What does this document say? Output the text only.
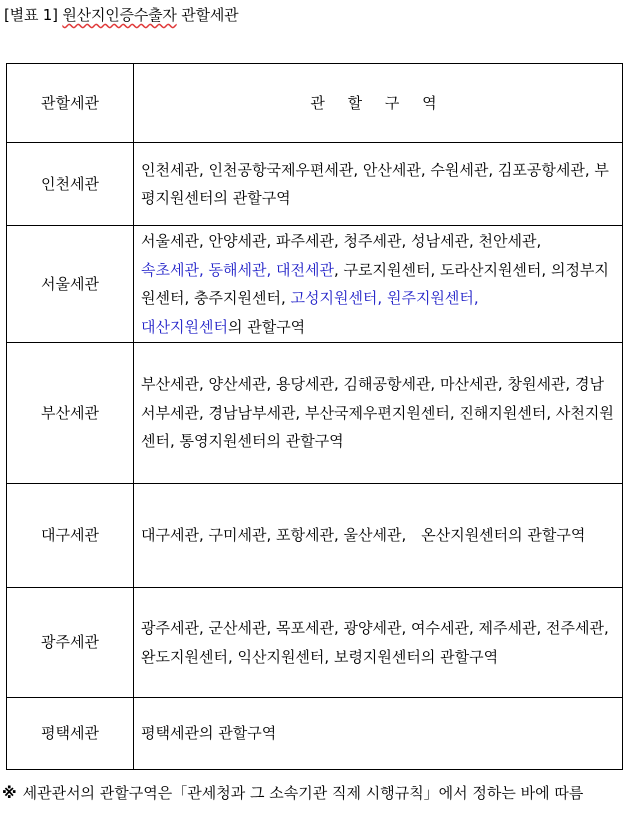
[별표 1] 원산지인증수출자 관할세관
관할세관	관 할 구 역
인천세관	인천세관, 인천공항국제우편세관, 안산세관, 수원세관, 김포공항세관, 부평지원센터의 관할구역
서울세관	서울세관, 안양세관, 파주세관, 청주세관, 성남세관, 천안세관,
속초세관, 동해세관, 대전세관, 구로지원센터, 도라산지원센터, 의정부지원센터, 충주지원센터, 고성지원센터, 원주지원센터,
대산지원센터의 관할구역
부산세관	부산세관, 양산세관, 용당세관, 김해공항세관, 마산세관, 창원세관, 경남서부세관, 경남남부세관, 부산국제우편지원센터, 진해지원센터, 사천지원센터, 통영지원센터의 관할구역
대구세관	대구세관, 구미세관, 포항세관, 울산세관,　온산지원센터의 관할구역
광주세관	광주세관, 군산세관, 목포세관, 광양세관, 여수세관, 제주세관, 전주세관, 완도지원센터, 익산지원센터, 보령지원센터의 관할구역
평택세관	평택세관의 관할구역
※ 세관관서의 관할구역은「관세청과 그 소속기관 직제 시행규칙」에서 정하는 바에 따름
